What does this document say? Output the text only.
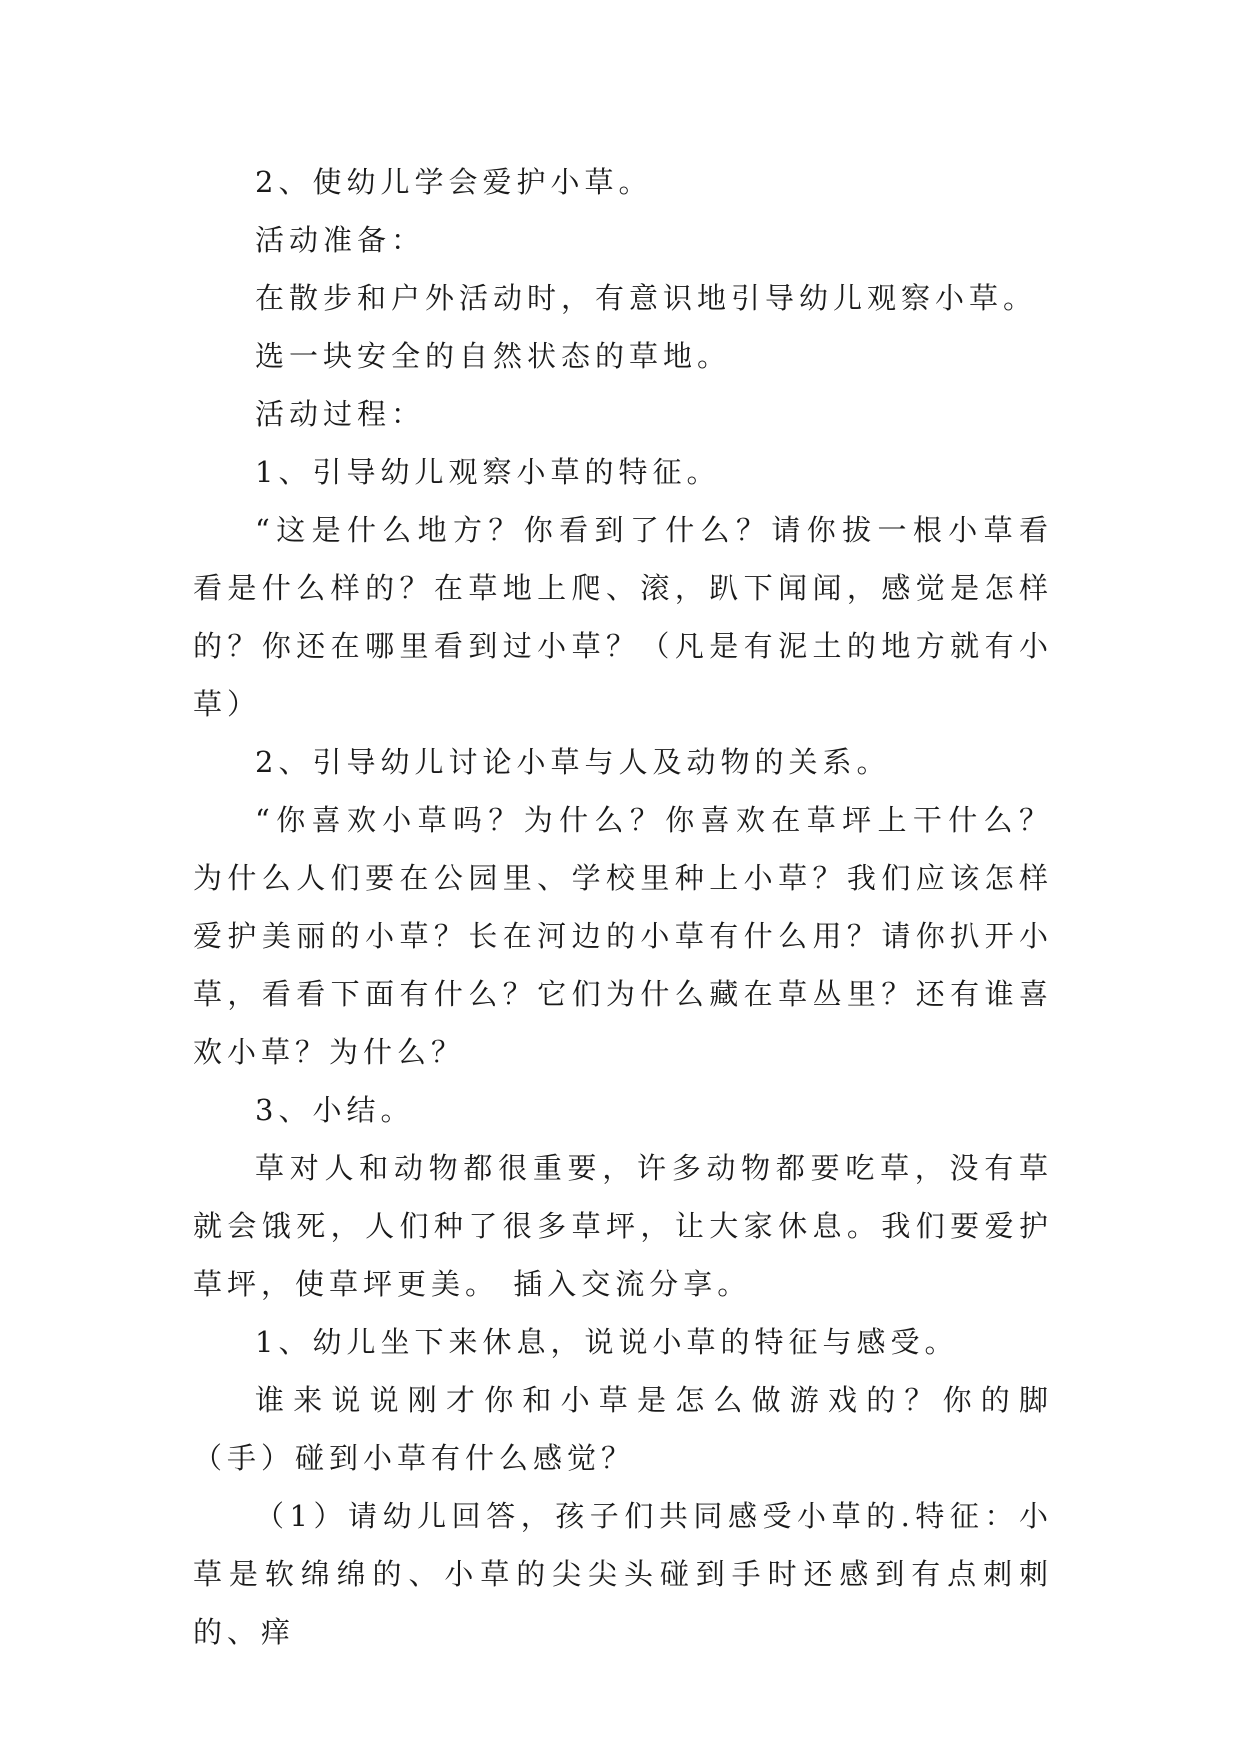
2、使幼儿学会爱护小草。

活动准备：

在散步和户外活动时，有意识地引导幼儿观察小草。

选一块安全的自然状态的草地。

活动过程：

1、引导幼儿观察小草的特征。

“这是什么地方？你看到了什么？请你拔一根小草看看是什么样的？在草地上爬、滚，趴下闻闻，感觉是怎样的？你还在哪里看到过小草？（凡是有泥土的地方就有小草）

2、引导幼儿讨论小草与人及动物的关系。

“你喜欢小草吗？为什么？你喜欢在草坪上干什么？为什么人们要在公园里、学校里种上小草？我们应该怎样爱护美丽的小草？长在河边的小草有什么用？请你扒开小草，看看下面有什么？它们为什么藏在草丛里？还有谁喜欢小草？为什么？

3、小结。

草对人和动物都很重要，许多动物都要吃草，没有草就会饿死，人们种了很多草坪，让大家休息。我们要爱护草坪，使草坪更美。 插入交流分享。

1、幼儿坐下来休息，说说小草的特征与感受。

谁来说说刚才你和小草是怎么做游戏的？你的脚（手）碰到小草有什么感觉？

（1）请幼儿回答，孩子们共同感受小草的.特征：小草是软绵绵的、小草的尖尖头碰到手时还感到有点刺刺的、痒
